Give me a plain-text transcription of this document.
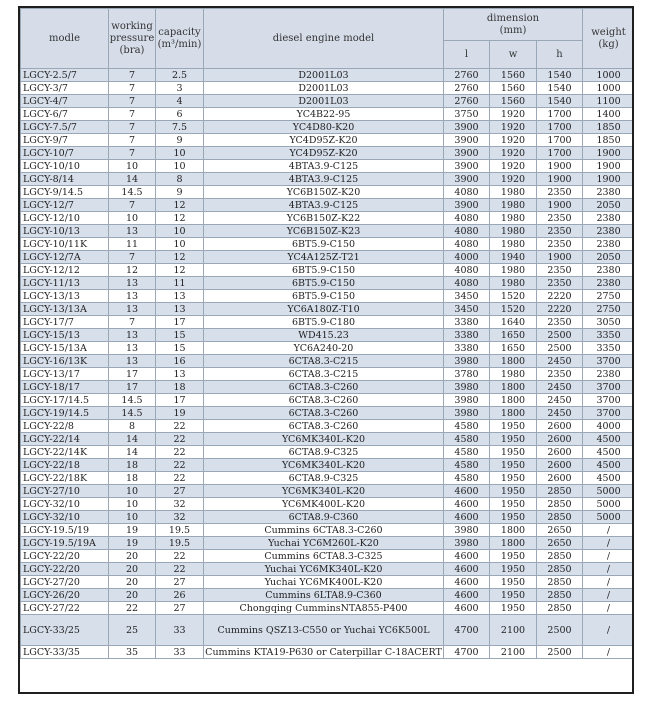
modle	working
pressure
(bra)	capacity
(m³/min)	diesel engine model	dimension
(mm)			weight
(kg)
				l	w	h	
LGCY-2.5/7	7	2.5	D2001L03	2760	1560	1540	1000
LGCY-3/7	7	3	D2001L03	2760	1560	1540	1000
LGCY-4/7	7	4	D2001L03	2760	1560	1540	1100
LGCY-6/7	7	6	YC4B22-95	3750	1920	1700	1400
LGCY-7.5/7	7	7.5	YC4D80-K20	3900	1920	1700	1850
LGCY-9/7	7	9	YC4D95Z-K20	3900	1920	1700	1850
LGCY-10/7	7	10	YC4D95Z-K20	3900	1920	1700	1900
LGCY-10/10	10	10	4BTA3.9-C125	3900	1920	1900	1900
LGCY-8/14	14	8	4BTA3.9-C125	3900	1920	1900	1900
LGCY-9/14.5	14.5	9	YC6B150Z-K20	4080	1980	2350	2380
LGCY-12/7	7	12	4BTA3.9-C125	3900	1980	1900	2050
LGCY-12/10	10	12	YC6B150Z-K22	4080	1980	2350	2380
LGCY-10/13	13	10	YC6B150Z-K23	4080	1980	2350	2380
LGCY-10/11K	11	10	6BT5.9-C150	4080	1980	2350	2380
LGCY-12/7A	7	12	YC4A125Z-T21	4000	1940	1900	2050
LGCY-12/12	12	12	6BT5.9-C150	4080	1980	2350	2380
LGCY-11/13	13	11	6BT5.9-C150	4080	1980	2350	2380
LGCY-13/13	13	13	6BT5.9-C150	3450	1520	2220	2750
LGCY-13/13A	13	13	YC6A180Z-T10	3450	1520	2220	2750
LGCY-17/7	7	17	6BT5.9-C180	3380	1640	2350	3050
LGCY-15/13	13	15	WD415.23	3380	1650	2500	3350
LGCY-15/13A	13	15	YC6A240-20	3380	1650	2500	3350
LGCY-16/13K	13	16	6CTA8.3-C215	3980	1800	2450	3700
LGCY-13/17	17	13	6CTA8.3-C215	3780	1980	2350	2380
LGCY-18/17	17	18	6CTA8.3-C260	3980	1800	2450	3700
LGCY-17/14.5	14.5	17	6CTA8.3-C260	3980	1800	2450	3700
LGCY-19/14.5	14.5	19	6CTA8.3-C260	3980	1800	2450	3700
LGCY-22/8	8	22	6CTA8.3-C260	4580	1950	2600	4000
LGCY-22/14	14	22	YC6MK340L-K20	4580	1950	2600	4500
LGCY-22/14K	14	22	6CTA8.9-C325	4580	1950	2600	4500
LGCY-22/18	18	22	YC6MK340L-K20	4580	1950	2600	4500
LGCY-22/18K	18	22	6CTA8.9-C325	4580	1950	2600	4500
LGCY-27/10	10	27	YC6MK340L-K20	4600	1950	2850	5000
LGCY-32/10	10	32	YC6MK400L-K20	4600	1950	2850	5000
LGCY-32/10	10	32	6CTA8.9-C360	4600	1950	2850	5000
LGCY-19.5/19	19	19.5	Cummins 6CTA8.3-C260	3980	1800	2650	/
LGCY-19.5/19A	19	19.5	Yuchai YC6M260L-K20	3980	1800	2650	/
LGCY-22/20	20	22	Cummins 6CTA8.3-C325	4600	1950	2850	/
LGCY-22/20	20	22	Yuchai YC6MK340L-K20	4600	1950	2850	/
LGCY-27/20	20	27	Yuchai YC6MK400L-K20	4600	1950	2850	/
LGCY-26/20	20	26	Cummins 6LTA8.9-C360	4600	1950	2850	/
LGCY-27/22	22	27	Chongqing CumminsNTA855-P400	4600	1950	2850	/
LGCY-33/25	25	33	Cummins QSZ13-C550 or Yuchai YC6K500L	4700	2100	2500	/
LGCY-33/35	35	33	Cummins KTA19-P630 or Caterpillar C-18ACERT	4700	2100	2500	/
